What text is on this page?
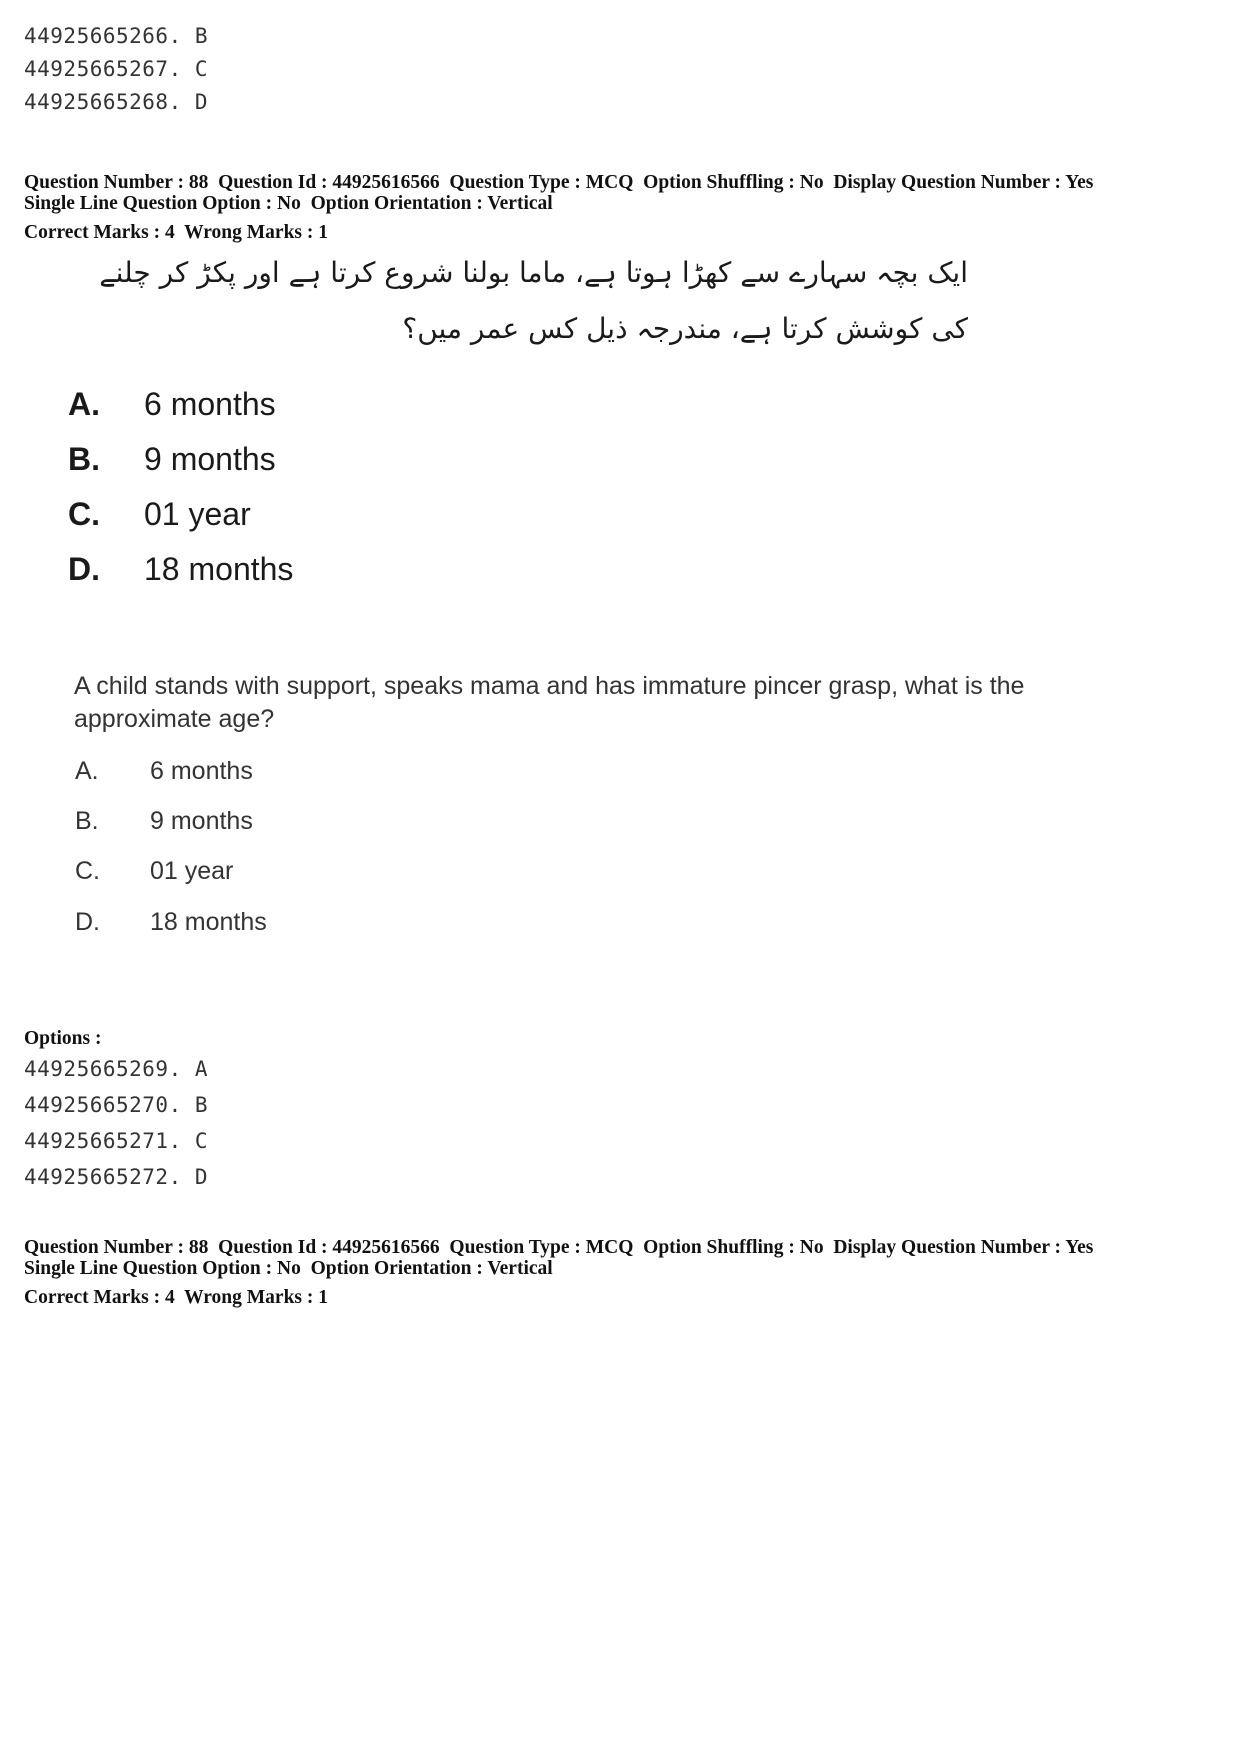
44925665266. B
44925665267. C
44925665268. D
Question Number : 88  Question Id : 44925616566  Question Type : MCQ  Option Shuffling : No  Display Question Number : Yes
Single Line Question Option : No  Option Orientation : Vertical
Correct Marks : 4  Wrong Marks : 1
ایک بچہ سہارے سے کھڑا ہوتا ہے، ماما بولنا شروع کرتا ہے اور پکڑ کر چلنے
کی کوشش کرتا ہے، مندرجہ ذیل کس عمر میں؟
A. 6 months
B. 9 months
C. 01 year
D. 18 months
A child stands with support, speaks mama and has immature pincer grasp, what is the approximate age?
A. 6 months
B. 9 months
C. 01 year
D. 18 months
Options :
44925665269. A
44925665270. B
44925665271. C
44925665272. D
Question Number : 88  Question Id : 44925616566  Question Type : MCQ  Option Shuffling : No  Display Question Number : Yes
Single Line Question Option : No  Option Orientation : Vertical
Correct Marks : 4  Wrong Marks : 1
